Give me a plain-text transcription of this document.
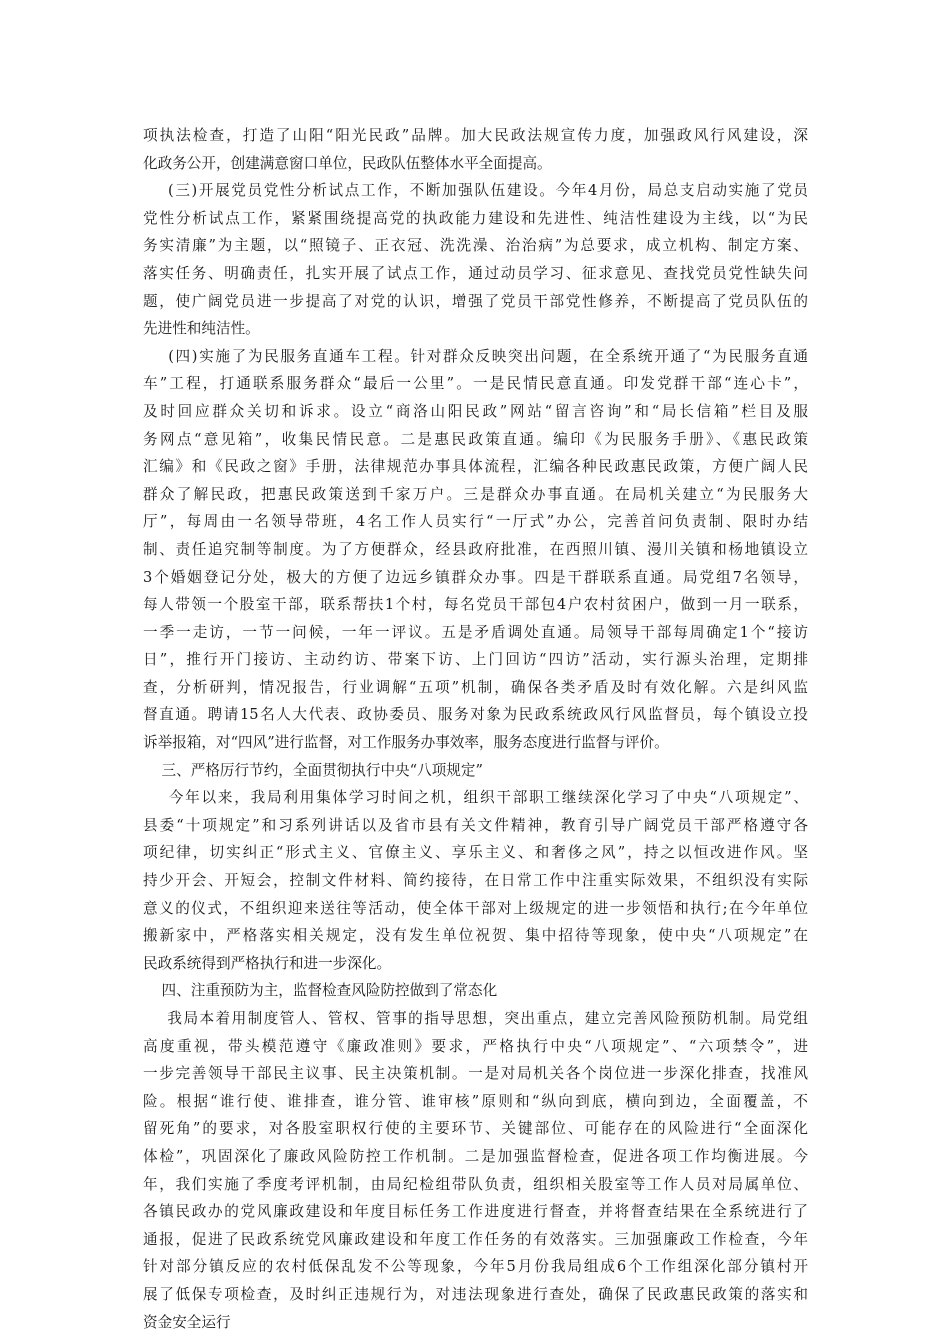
项执法检查，打造了山阳“阳光民政”品牌。加大民政法规宣传力度，加强政风行风建设，深
化政务公开，创建满意窗口单位，民政队伍整体水平全面提高。
(三)开展党员党性分析试点工作，不断加强队伍建设。今年4月份，局总支启动实施了党员
党性分析试点工作，紧紧围绕提高党的执政能力建设和先进性、纯洁性建设为主线，以“为民
务实清廉”为主题，以“照镜子、正衣冠、洗洗澡、治治病”为总要求，成立机构、制定方案、
落实任务、明确责任，扎实开展了试点工作，通过动员学习、征求意见、查找党员党性缺失问
题，使广阔党员进一步提高了对党的认识，增强了党员干部党性修养，不断提高了党员队伍的
先进性和纯洁性。
(四)实施了为民服务直通车工程。针对群众反映突出问题，在全系统开通了“为民服务直通
车”工程，打通联系服务群众“最后一公里”。一是民情民意直通。印发党群干部“连心卡”，
及时回应群众关切和诉求。设立“商洛山阳民政”网站“留言咨询”和“局长信箱”栏目及服
务网点“意见箱”，收集民情民意。二是惠民政策直通。编印《为民服务手册》、《惠民政策
汇编》和《民政之窗》手册，法律规范办事具体流程，汇编各种民政惠民政策，方便广阔人民
群众了解民政，把惠民政策送到千家万户。三是群众办事直通。在局机关建立“为民服务大
厅”，每周由一名领导带班，4名工作人员实行“一厅式”办公，完善首问负责制、限时办结
制、责任追究制等制度。为了方便群众，经县政府批准，在西照川镇、漫川关镇和杨地镇设立
3个婚姻登记分处，极大的方便了边远乡镇群众办事。四是干群联系直通。局党组7名领导，
每人带领一个股室干部，联系帮扶1个村，每名党员干部包4户农村贫困户，做到一月一联系，
一季一走访，一节一问候，一年一评议。五是矛盾调处直通。局领导干部每周确定1个“接访
日”，推行开门接访、主动约访、带案下访、上门回访“四访”活动，实行源头治理，定期排
查，分析研判，情况报告，行业调解“五项”机制，确保各类矛盾及时有效化解。六是纠风监
督直通。聘请15名人大代表、政协委员、服务对象为民政系统政风行风监督员，每个镇设立投
诉举报箱，对“四风”进行监督，对工作服务办事效率，服务态度进行监督与评价。
三、严格厉行节约，全面贯彻执行中央“八项规定”
今年以来，我局利用集体学习时间之机，组织干部职工继续深化学习了中央“八项规定”、
县委“十项规定”和习系列讲话以及省市县有关文件精神，教育引导广阔党员干部严格遵守各
项纪律，切实纠正“形式主义、官僚主义、享乐主义、和奢侈之风”，持之以恒改进作风。坚
持少开会、开短会，控制文件材料、简约接待，在日常工作中注重实际效果，不组织没有实际
意义的仪式，不组织迎来送往等活动，使全体干部对上级规定的进一步领悟和执行;在今年单位
搬新家中，严格落实相关规定，没有发生单位祝贺、集中招待等现象，使中央“八项规定”在
民政系统得到严格执行和进一步深化。
四、注重预防为主，监督检查风险防控做到了常态化
我局本着用制度管人、管权、管事的指导思想，突出重点，建立完善风险预防机制。局党组
高度重视，带头模范遵守《廉政准则》要求，严格执行中央“八项规定”、“六项禁令”，进
一步完善领导干部民主议事、民主决策机制。一是对局机关各个岗位进一步深化排查，找准风
险。根据“谁行使、谁排查，谁分管、谁审核”原则和“纵向到底，横向到边，全面覆盖，不
留死角”的要求，对各股室职权行使的主要环节、关键部位、可能存在的风险进行“全面深化
体检”，巩固深化了廉政风险防控工作机制。二是加强监督检查，促进各项工作均衡进展。今
年，我们实施了季度考评机制，由局纪检组带队负责，组织相关股室等工作人员对局属单位、
各镇民政办的党风廉政建设和年度目标任务工作进度进行督查，并将督查结果在全系统进行了
通报，促进了民政系统党风廉政建设和年度工作任务的有效落实。三加强廉政工作检查，今年
针对部分镇反应的农村低保乱发不公等现象，今年5月份我局组成6个工作组深化部分镇村开
展了低保专项检查，及时纠正违规行为，对违法现象进行查处，确保了民政惠民政策的落实和
资金安全运行
